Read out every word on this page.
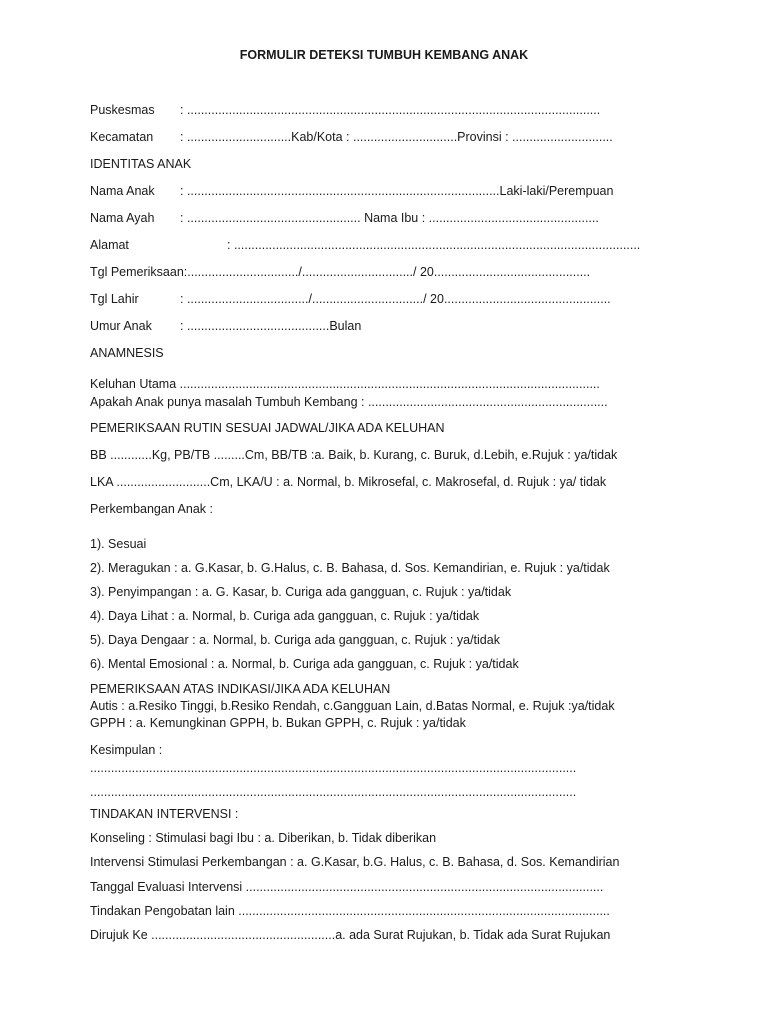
FORMULIR DETEKSI TUMBUH KEMBANG ANAK
Puskesmas : .......................................................................................................................
Kecamatan : ..............................Kab/Kota : ..............................Provinsi : .............................
IDENTITAS ANAK
Nama Anak : ..........................................................................................Laki-laki/Perempuan
Nama Ayah : .................................................. Nama Ibu : .................................................
Alamat	: .....................................................................................................................
Tgl Pemeriksaan:................................/................................/ 20.............................................
Tgl Lahir	: .................................../................................/ 20................................................
Umur Anak : .........................................Bulan
ANAMNESIS
Keluhan Utama .........................................................................................................................
Apakah Anak punya masalah Tumbuh Kembang : .....................................................................
PEMERIKSAAN RUTIN SESUAI JADWAL/JIKA ADA KELUHAN
BB ............Kg, PB/TB .........Cm, BB/TB :a. Baik, b. Kurang, c. Buruk, d.Lebih, e.Rujuk : ya/tidak
LKA ...........................Cm, LKA/U : a. Normal, b. Mikrosefal, c. Makrosefal, d. Rujuk : ya/ tidak
Perkembangan Anak :
1). Sesuai
2). Meragukan : a. G.Kasar, b. G.Halus, c. B. Bahasa, d. Sos. Kemandirian, e. Rujuk : ya/tidak
3). Penyimpangan : a. G. Kasar, b. Curiga ada gangguan, c. Rujuk : ya/tidak
4). Daya Lihat : a. Normal, b. Curiga ada gangguan, c. Rujuk : ya/tidak
5). Daya Dengaar : a. Normal, b. Curiga ada gangguan, c. Rujuk : ya/tidak
6). Mental Emosional : a. Normal, b. Curiga ada gangguan, c. Rujuk : ya/tidak
PEMERIKSAAN ATAS INDIKASI/JIKA ADA KELUHAN
Autis : a.Resiko Tinggi, b.Resiko Rendah, c.Gangguan Lain, d.Batas Normal, e. Rujuk :ya/tidak
GPPH : a. Kemungkinan GPPH, b. Bukan GPPH, c. Rujuk : ya/tidak
Kesimpulan :
............................................................................................................................................
............................................................................................................................................
TINDAKAN INTERVENSI :
Konseling : Stimulasi bagi Ibu : a. Diberikan, b. Tidak diberikan
Intervensi Stimulasi Perkembangan : a. G.Kasar, b.G. Halus, c. B. Bahasa, d. Sos. Kemandirian
Tanggal Evaluasi Intervensi .......................................................................................................
Tindakan Pengobatan lain ...........................................................................................................
Dirujuk Ke .....................................................a. ada Surat Rujukan, b. Tidak ada Surat Rujukan
